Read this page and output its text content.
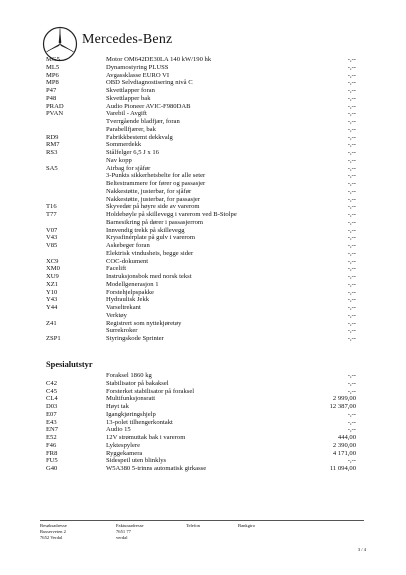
Mercedes-Benz
MG5	Motor OM642DE30LA 140 kW/190 hk	-,--
ML5	Dynamostyring PLUSS	-,--
MP6	Avgassklasse EURO VI	-,--
MP8	OBD Selvdiagnostisering nivå C	-,--
P47	Skvettlapper foran	-,--
P48	Skvettlapper bak	-,--
PRAD	Audio Pioneer AVIC-F980DAB	-,--
PVAN	Varebil - Avgift	-,--
Tverrgående bladfjær, foran	-,--
Parabellfjærer, bak	-,--
RD9	Fabrikkbestemt dekkvalg	-,--
RM7	Sommerdekk	-,--
RS3	Stålfelger 6,5 J x 16	-,--
Nav kopp	-,--
SA5	Airbag for sjåfør	-,--
3-Punkts sikkerhetsbelte for alle seter	-,--
Beltestrammere for fører og passasjer	-,--
Nakkestøtte, justerbar, for sjåfør	-,--
Nakkestøtte, justerbar, for passasjer	-,--
T16	Skyvedør på høyre side av varerom	-,--
T77	Holdebøyle på skillevegg i varerom ved B-Stolpe	-,--
Barnesikring på dører i passasjerrom	-,--
V07	Innvendig trekk på skillevegg	-,--
V43	Kryssfinérplate på gulv i varerom	-,--
V85	Askebeger foran	-,--
Elektrisk vindusheis, begge sider	-,--
XC9	COC-dokument	-,--
XM0	Facelift	-,--
XU9	Instruksjonsbok med norsk tekst	-,--
XZ1	Modellgenerasjon 1	-,--
Y10	Forstehjelpspakke	-,--
Y43	Hydraulisk Jekk	-,--
Y44	Varseltrekant	-,--
Verktøy	-,--
Z41	Registrert som nyttekjøretøy	-,--
Surrekroker	-,--
ZSP1	Styringskode Sprinter	-,--
Spesialutstyr
Foraksel 1860 kg	-,--
C42	Stabilisator på bakaksel	-,--
C45	Forsterket stabilisator på foraksel	-,--
CL4	Multifunksjonsratt	2 999,00
D03	Høyt tak	12 387,00
E07	Igangkjøringshjelp	-,--
E43	13-polet tilhengerkontakt	-,--
EN7	Audio 15	-,--
E52	12V strømuttak bak i varerom	444,00
F46	Lyktespylere	2 390,00
FR8	Ryggekamera	4 171,00
FU5	Sidespeil uten blinklys	-,--
G40	W5A380 5-trinns automatisk girkasse	11 094,00
Besøksadresse
Russerveien 2
7652 Verdal
Fakturaadresse
7651 77
verdal
Telefon	Bankgiro
3 / 4
